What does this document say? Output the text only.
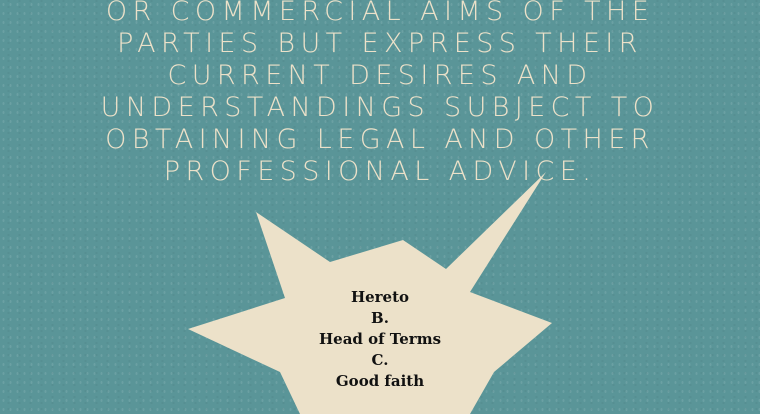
OR COMMERCIAL AIMS OF THE
PARTIES BUT EXPRESS THEIR
CURRENT DESIRES AND
UNDERSTANDINGS SUBJECT TO
OBTAINING LEGAL AND OTHER
PROFESSIONAL ADVICE.
Hereto
B.
Head of Terms
C.
Good faith
